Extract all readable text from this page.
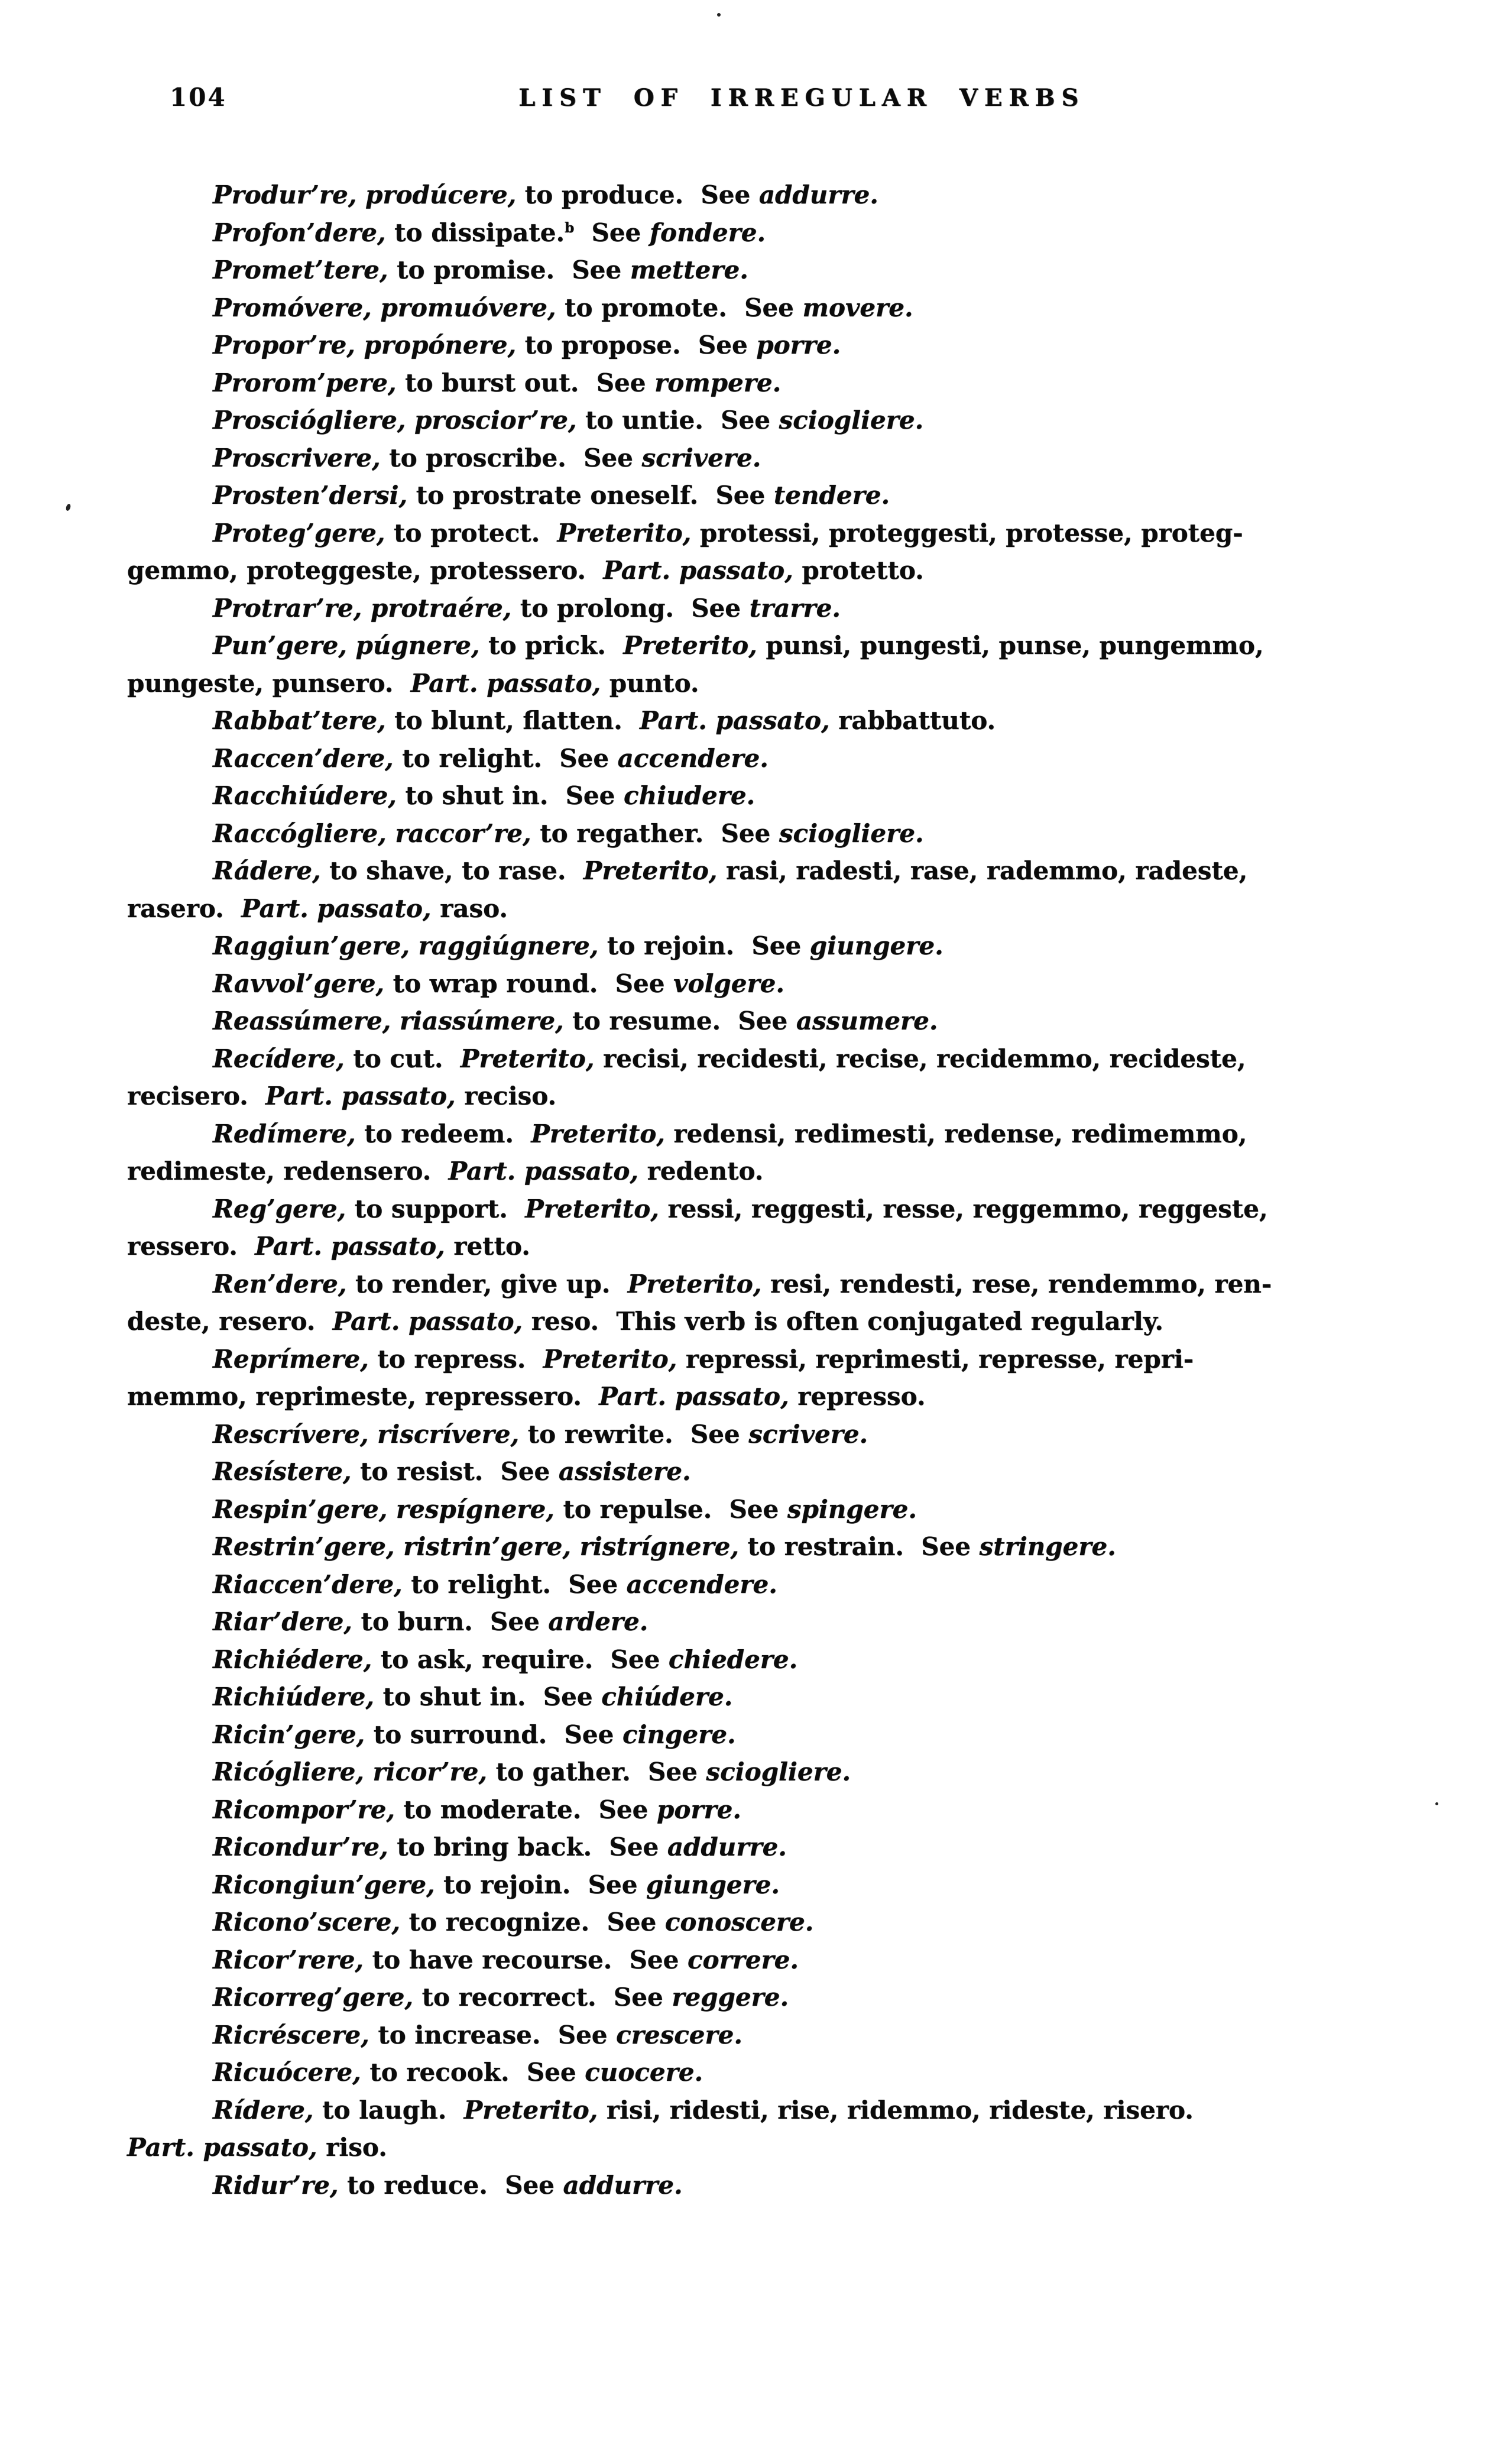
104	LIST OF IRREGULAR VERBS
Produr’re, prodúcere, to produce.  See addurre.
Profon’dere, to dissipate.$^b$ See fondere.
Promet’tere, to promise.  See mettere.
Promóvere, promuóvere, to promote.  See movere.
Propor’re, propónere, to propose.  See porre.
Prorom’pere, to burst out.  See rompere.
Prosciógliere, proscior’re, to untie.  See sciogliere.
Proscrivere, to proscribe.  See scrivere.
Prosten’dersi, to prostrate oneself.  See tendere.
Proteg’gere, to protect.  Preterito, protessi, proteggesti, protesse, proteg-
gemmo, proteggeste, protessero.  Part. passato, protetto.
Protrar’re, protraére, to prolong.  See trarre.
Pun’gere, púgnere, to prick.  Preterito, punsi, pungesti, punse, pungemmo,
pungeste, punsero.  Part. passato, punto.
Rabbat’tere, to blunt, flatten.  Part. passato, rabbattuto.
Raccen’dere, to relight.  See accendere.
Racchiúdere, to shut in.  See chiudere.
Raccógliere, raccor’re, to regather.  See sciogliere.
Rádere, to shave, to rase.  Preterito, rasi, radesti, rase, rademmo, radeste,
rasero.  Part. passato, raso.
Raggiun’gere, raggiúgnere, to rejoin.  See giungere.
Ravvol’gere, to wrap round.  See volgere.
Reassúmere, riassúmere, to resume.  See assumere.
Recídere, to cut.  Preterito, recisi, recidesti, recise, recidemmo, recideste,
recisero.  Part. passato, reciso.
Redímere, to redeem.  Preterito, redensi, redimesti, redense, redimemmo,
redimeste, redensero.  Part. passato, redento.
Reg’gere, to support.  Preterito, ressi, reggesti, resse, reggemmo, reggeste,
ressero.  Part. passato, retto.
Ren’dere, to render, give up.  Preterito, resi, rendesti, rese, rendemmo, ren-
deste, resero.  Part. passato, reso.  This verb is often conjugated regularly.
Reprímere, to repress.  Preterito, repressi, reprimesti, represse, repri-
memmo, reprimeste, repressero.  Part. passato, represso.
Rescrívere, riscrívere, to rewrite.  See scrivere.
Resístere, to resist.  See assistere.
Respin’gere, respígnere, to repulse.  See spingere.
Restrin’gere, ristrin’gere, ristrígnere, to restrain.  See stringere.
Riaccen’dere, to relight.  See accendere.
Riar’dere, to burn.  See ardere.
Richiédere, to ask, require.  See chiedere.
Richiúdere, to shut in.  See chiúdere.
Ricin’gere, to surround.  See cingere.
Ricógliere, ricor’re, to gather.  See sciogliere.
Ricompor’re, to moderate.  See porre.
Ricondur’re, to bring back.  See addurre.
Ricongiun’gere, to rejoin.  See giungere.
Ricono’scere, to recognize.  See conoscere.
Ricor’rere, to have recourse.  See correre.
Ricorreg’gere, to recorrect.  See reggere.
Ricréscere, to increase.  See crescere.
Ricuócere, to recook.  See cuocere.
Rídere, to laugh.  Preterito, risi, ridesti, rise, ridemmo, rideste, risero.
Part. passato, riso.
Ridur’re, to reduce.  See addurre.
